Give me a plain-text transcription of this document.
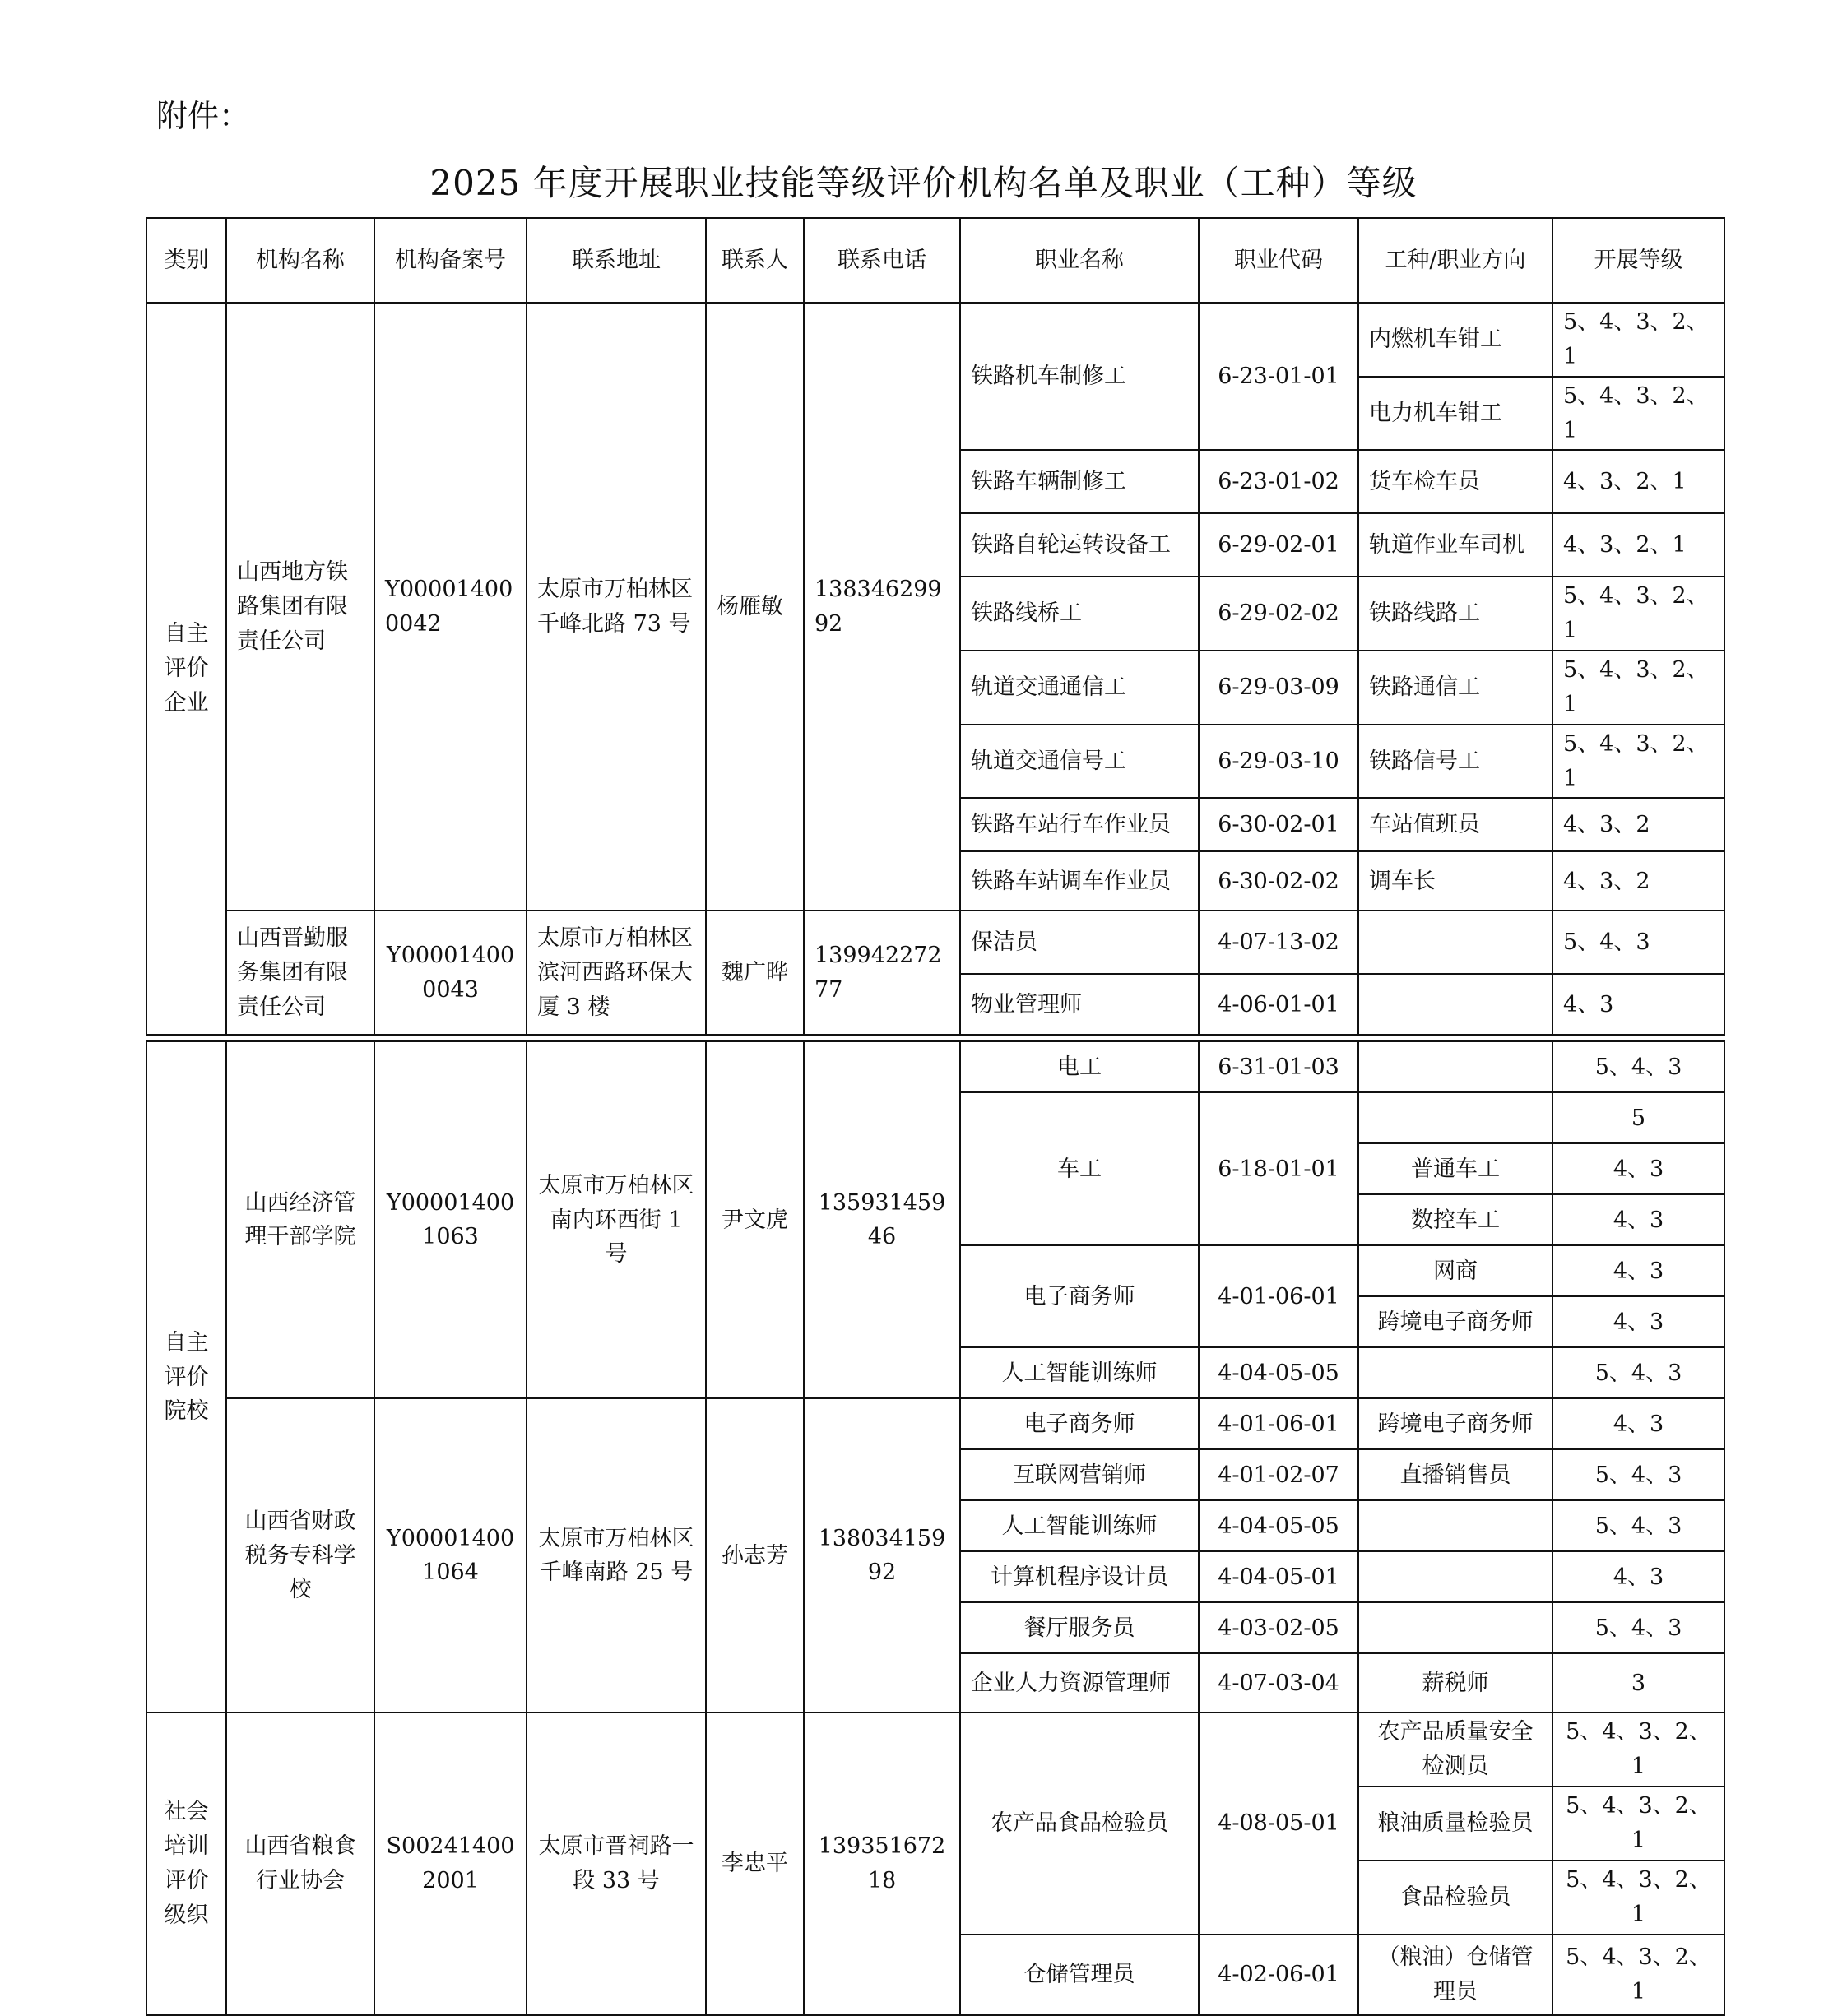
附件：
2025 年度开展职业技能等级评价机构名单及职业（工种）等级
类别	机构名称	机构备案号	联系地址	联系人	联系电话	职业名称	职业代码	工种/职业方向	开展等级
自主评价企业	山西地方铁路集团有限责任公司	Y000014000042	太原市万柏林区千峰北路 73 号	杨雁敏	13834629992	铁路机车制修工	6-23-01-01	内燃机车钳工	5、4、3、2、1
								电力机车钳工	5、4、3、2、1
						铁路车辆制修工	6-23-01-02	货车检车员	4、3、2、1
						铁路自轮运转设备工	6-29-02-01	轨道作业车司机	4、3、2、1
						铁路线桥工	6-29-02-02	铁路线路工	5、4、3、2、1
						轨道交通通信工	6-29-03-09	铁路通信工	5、4、3、2、1
						轨道交通信号工	6-29-03-10	铁路信号工	5、4、3、2、1
						铁路车站行车作业员	6-30-02-01	车站值班员	4、3、2
						铁路车站调车作业员	6-30-02-02	调车长	4、3、2
	山西晋勤服务集团有限责任公司	Y000014000043	太原市万柏林区滨河西路环保大厦 3 楼	魏广晔	13994227277	保洁员	4-07-13-02		5、4、3
						物业管理师	4-06-01-01		4、3

自主评价院校	山西经济管理干部学院	Y000014001063	太原市万柏林区南内环西街 1 号	尹文虎	13593145946	电工	6-31-01-03		5、4、3
						车工	6-18-01-01		5
								普通车工	4、3
								数控车工	4、3
						电子商务师	4-01-06-01	网商	4、3
								跨境电子商务师	4、3
						人工智能训练师	4-04-05-05		5、4、3
	山西省财政税务专科学校	Y000014001064	太原市万柏林区千峰南路 25 号	孙志芳	13803415992	电子商务师	4-01-06-01	跨境电子商务师	4、3
						互联网营销师	4-01-02-07	直播销售员	5、4、3
						人工智能训练师	4-04-05-05		5、4、3
						计算机程序设计员	4-04-05-01		4、3
						餐厅服务员	4-03-02-05		5、4、3
						企业人力资源管理师	4-07-03-04	薪税师	3
社会培训评价级织	山西省粮食行业协会	S002414002001	太原市晋祠路一段 33 号	李忠平	13935167218	农产品食品检验员	4-08-05-01	农产品质量安全检测员	5、4、3、2、1
								粮油质量检验员	5、4、3、2、1
								食品检验员	5、4、3、2、1
						仓储管理员	4-02-06-01	（粮油）仓储管理员	5、4、3、2、1
